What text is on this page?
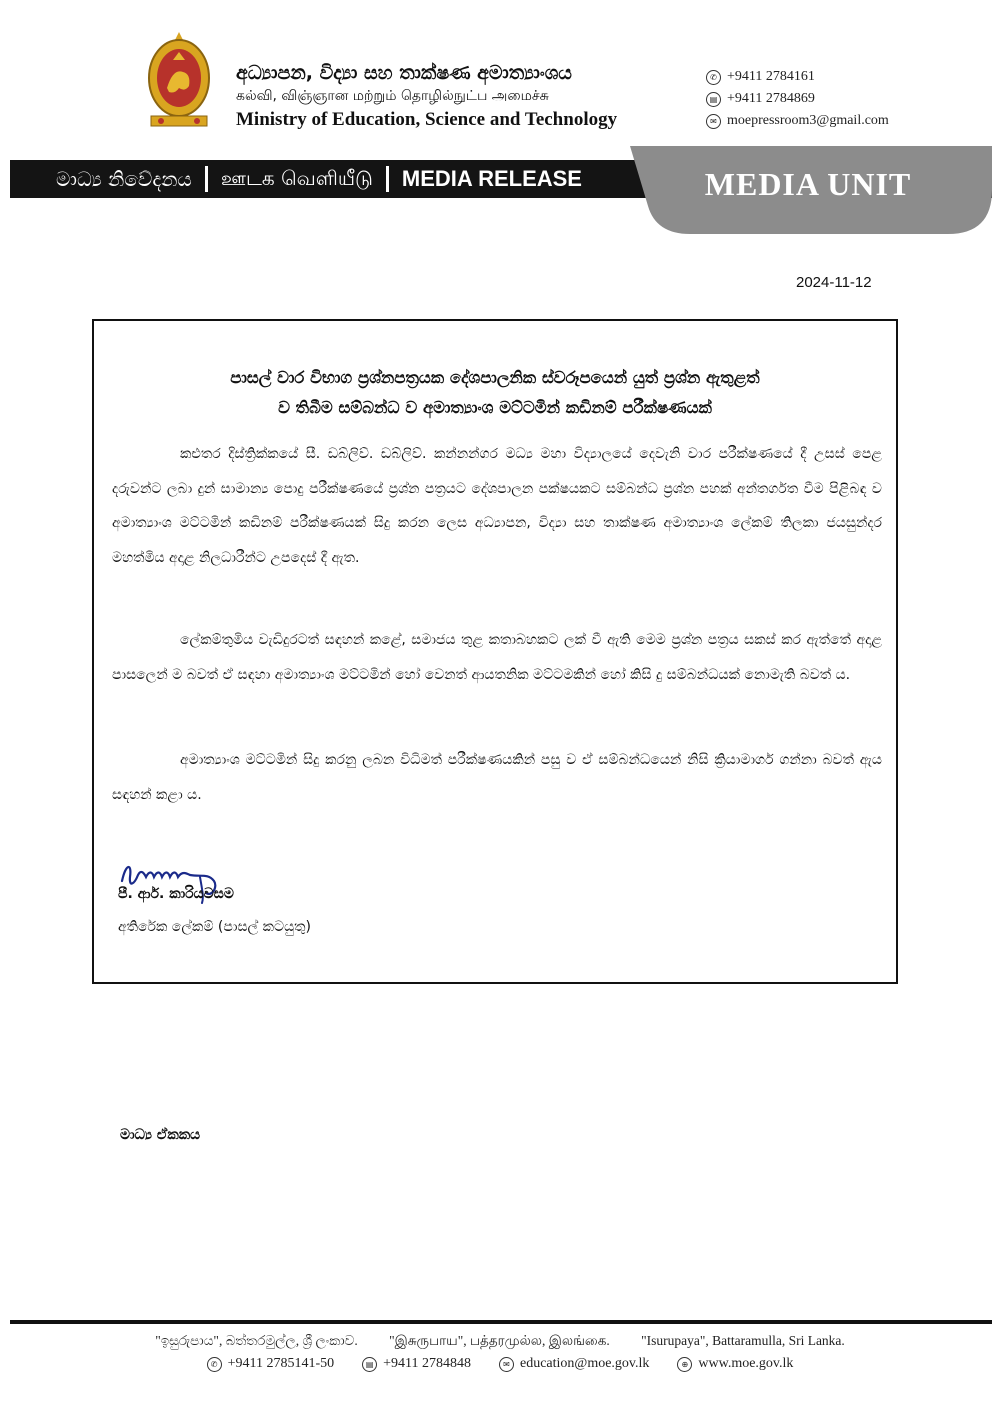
අධ්‍යාපන, විද්‍යා සහ තාක්ෂණ අමාත්‍යාංශය
கல்வி, விஞ்ஞான மற்றும் தொழில்நுட்ப அமைச்சு
Ministry of Education, Science and Technology
✆ +9411 2784161
▤ +9411 2784869
✉ moepressroom3@gmail.com
මාධ්‍ය නිවේදනය ஊடக வெளியீடு MEDIA RELEASE	MEDIA UNIT
2024-11-12
පාසල් වාර විභාග ප්‍රශ්නපත්‍රයක දේශපාලනික ස්වරූපයෙන් යුත් ප්‍රශ්න ඇතුළත්
ව තිබීම සම්බන්ධ ව අමාත්‍යාංශ මට්ටමින් කඩිනම් පරීක්ෂණයක්
කළුතර දිස්ත්‍රික්කයේ සී. ඩබ්ලිව්. ඩබ්ලිව්. කන්නන්ගර මධ්‍ය මහා විද්‍යාලයේ දෙවැනි වාර පරීක්ෂණයේ දී උසස් පෙළ දරුවන්ට ලබා දුන් සාමාන්‍ය පොදු පරීක්ෂණයේ ප්‍රශ්න පත්‍රයට දේශපාලන පක්ෂයකට සම්බන්ධ ප්‍රශ්න පහක් අන්තර්ගත වීම පිළිබඳ ව අමාත්‍යාංශ මට්ටමින් කඩිනම් පරීක්ෂණයක් සිදු කරන ලෙස අධ්‍යාපන, විද්‍යා සහ තාක්ෂණ අමාත්‍යාංශ ලේකම් තිලකා ජයසුන්දර මහත්මිය අදාළ නිලධාරීන්ට උපදෙස් දී ඇත.
ලේකම්තුමිය වැඩිදුරටත් සඳහන් කළේ, සමාජය තුළ කතාබහකට ලක් වී ඇති මෙම ප්‍රශ්න පත්‍රය සකස් කර ඇත්තේ අදාළ පාසලෙන් ම බවත් ඒ සඳහා අමාත්‍යාංශ මට්ටමින් හෝ වෙනත් ආයතනික මට්ටමකින් හෝ කිසි දු සම්බන්ධයක් නොමැති බවත් ය.
අමාත්‍යාංශ මට්ටමින් සිදු කරනු ලබන විධිමත් පරීක්ෂණයකින් පසු ව ඒ සම්බන්ධයෙන් නිසි ක්‍රියාමාර්ග ගන්නා බවත් ඇය සඳහන් කළා ය.
පී. ආර්. කාරියවසම
අතිරේක ලේකම් (පාසල් කටයුතු)
මාධ්‍ය ඒකකය
"ඉසුරුපාය", බත්තරමුල්ල, ශ්‍රී ලංකාව. "இசுருபாய", பத்தரமுல்ல, இலங்கை. "Isurupaya", Battaramulla, Sri Lanka.
✆ +9411 2785141-50	▤ +9411 2784848	✉ education@moe.gov.lk	⊕ www.moe.gov.lk
